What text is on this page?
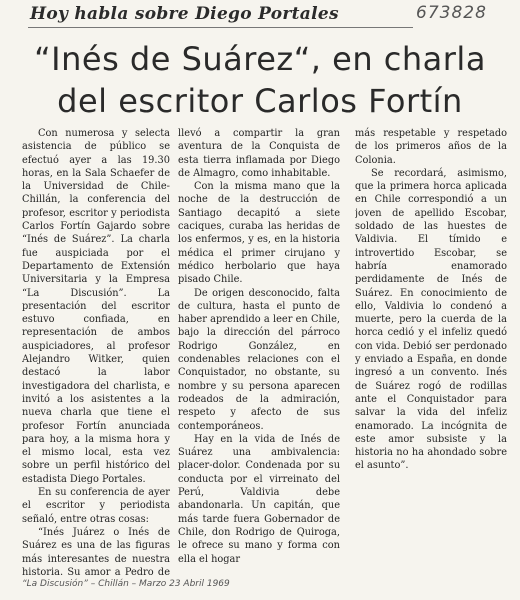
Hoy habla sobre Diego Portales	673828
“Inés de Suárez“, en charla
del escritor Carlos Fortín

Con numerosa y selecta asistencia de público se efectuó ayer a las 19.30 horas, en la Sala Schaefer de la Universidad de Chile-Chillán, la conferencia del profesor, escritor y periodista Carlos Fortín Gajardo sobre “Inés de Suárez”. La charla fue auspiciada por el Departamento de Extensión Universitaria y la Empresa “La Discusión”. La presentación del escritor estuvo confiada, en representación de ambos auspiciadores, al profesor Alejandro Witker, quien destacó la labor investigadora del charlista, e invitó a los asistentes a la nueva charla que tiene el profesor Fortín anunciada para hoy, a la misma hora y el mismo local, esta vez sobre un perfil histórico del estadista Diego Portales.

En su conferencia de ayer el escritor y periodista señaló, entre otras cosas:

“Inés Juárez o Inés de Suárez es una de las figuras más interesantes de nuestra historia. Su amor a Pedro de

llevó a compartir la gran aventura de la Conquista de esta tierra inflamada por Diego de Almagro, como inhabitable.

Con la misma mano que la noche de la destrucción de Santiago decapitó a siete caciques, curaba las heridas de los enfermos, y es, en la historia médica el primer cirujano y médico herbolario que haya pisado Chile.

De origen desconocido, falta de cultura, hasta el punto de haber aprendido a leer en Chile, bajo la dirección del párroco Rodrigo González, en condenables relaciones con el Conquistador, no obstante, su nombre y su persona aparecen rodeados de la admiración, respeto y afecto de sus contemporáneos.

Hay en la vida de Inés de Suárez una ambivalencia: placer-dolor. Condenada por su conducta por el virreinato del Perú, Valdivia debe abandonarla. Un capitán, que más tarde fuera Gobernador de Chile, don Rodrigo de Quiroga, le ofrece su mano y forma con ella el hogar

más respetable y respetado de los primeros años de la Colonia.

Se recordará, asimismo, que la primera horca aplicada en Chile correspondió a un joven de apellido Escobar, soldado de las huestes de Valdivia. El tímido e introvertido Escobar, se habría enamorado perdidamente de Inés de Suárez. En conocimiento de ello, Valdivia lo condenó a muerte, pero la cuerda de la horca cedió y el infeliz quedó con vida. Debió ser perdonado y enviado a España, en donde ingresó a un convento. Inés de Suárez rogó de rodillas ante el Conquistador para salvar la vida del infeliz enamorado. La incógnita de este amor subsiste y la historia no ha ahondado sobre el asunto”.

“La Discusión” – Chillán – Marzo 23 Abril 1969
